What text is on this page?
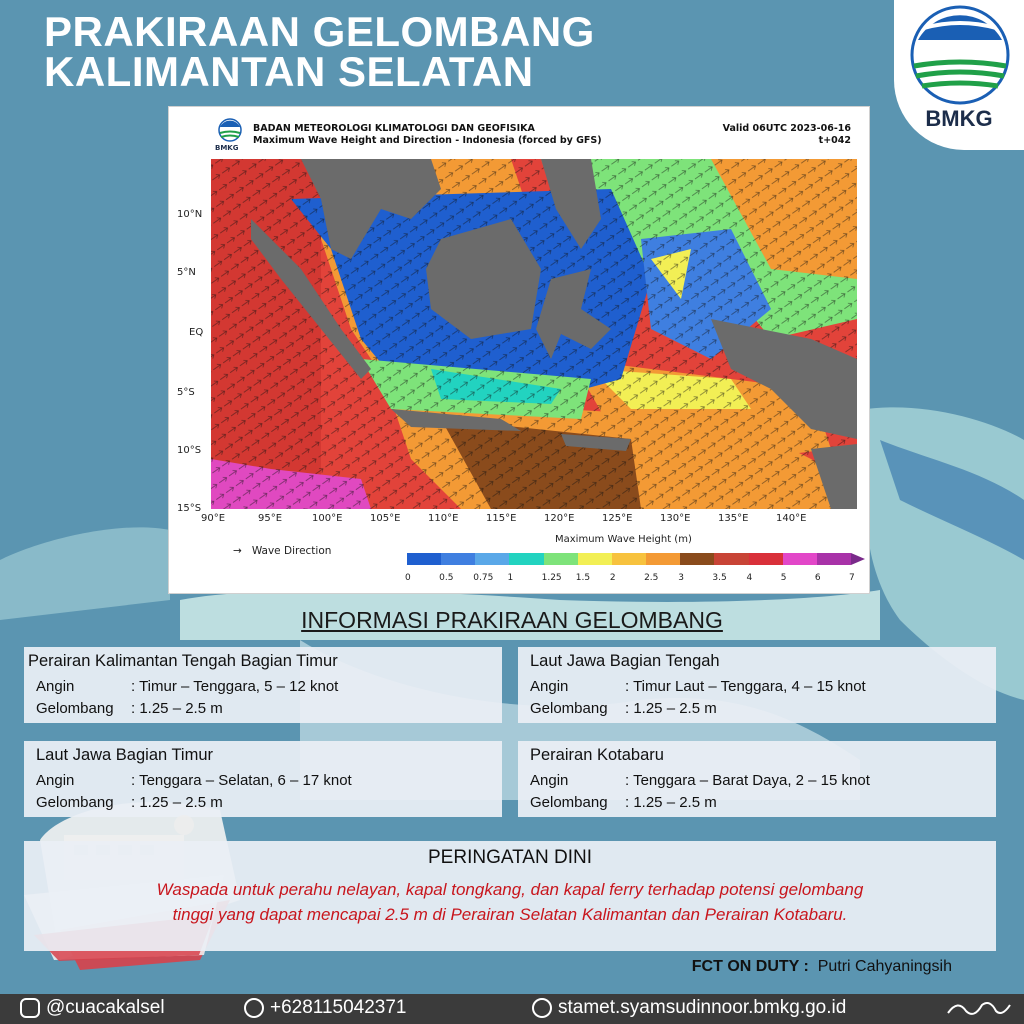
PRAKIRAAN GELOMBANG
KALIMANTAN SELATAN
BMKG
BMKG
BADAN METEOROLOGI KLIMATOLOGI DAN GEOFISIKA
Maximum Wave Height and Direction - Indonesia (forced by GFS)
Valid 06UTC 2023-06-16
t+042
10°N
5°N
EQ
5°S
10°S
15°S
90°E	95°E	100°E	105°E	110°E	115°E	120°E	125°E	130°E	135°E	140°E
→ Wave Direction
Maximum Wave Height (m)
0	0.5 0.75 1	1.25 1.5 2	2.5 3	3.5 4	5	6	7
INFORMASI PRAKIRAAN GELOMBANG
Perairan Kalimantan Tengah Bagian Timur
Angin	: Timur – Tenggara, 5 – 12 knot
Gelombang : 1.25 – 2.5 m
Laut Jawa Bagian Tengah
Angin	: Timur Laut – Tenggara, 4 – 15 knot
Gelombang : 1.25 – 2.5 m
Laut Jawa Bagian Timur
Angin	: Tenggara – Selatan, 6 – 17 knot
Gelombang : 1.25 – 2.5 m
Perairan Kotabaru
Angin	: Tenggara – Barat Daya, 2 – 15 knot
Gelombang : 1.25 – 2.5 m
PERINGATAN DINI
Waspada untuk perahu nelayan, kapal tongkang, dan kapal ferry terhadap potensi gelombang
tinggi yang dapat mencapai 2.5 m di Perairan Selatan Kalimantan dan Perairan Kotabaru.
FCT ON DUTY : Putri Cahyaningsih
@cuacakalsel	+628115042371	stamet.syamsudinnoor.bmkg.go.id
